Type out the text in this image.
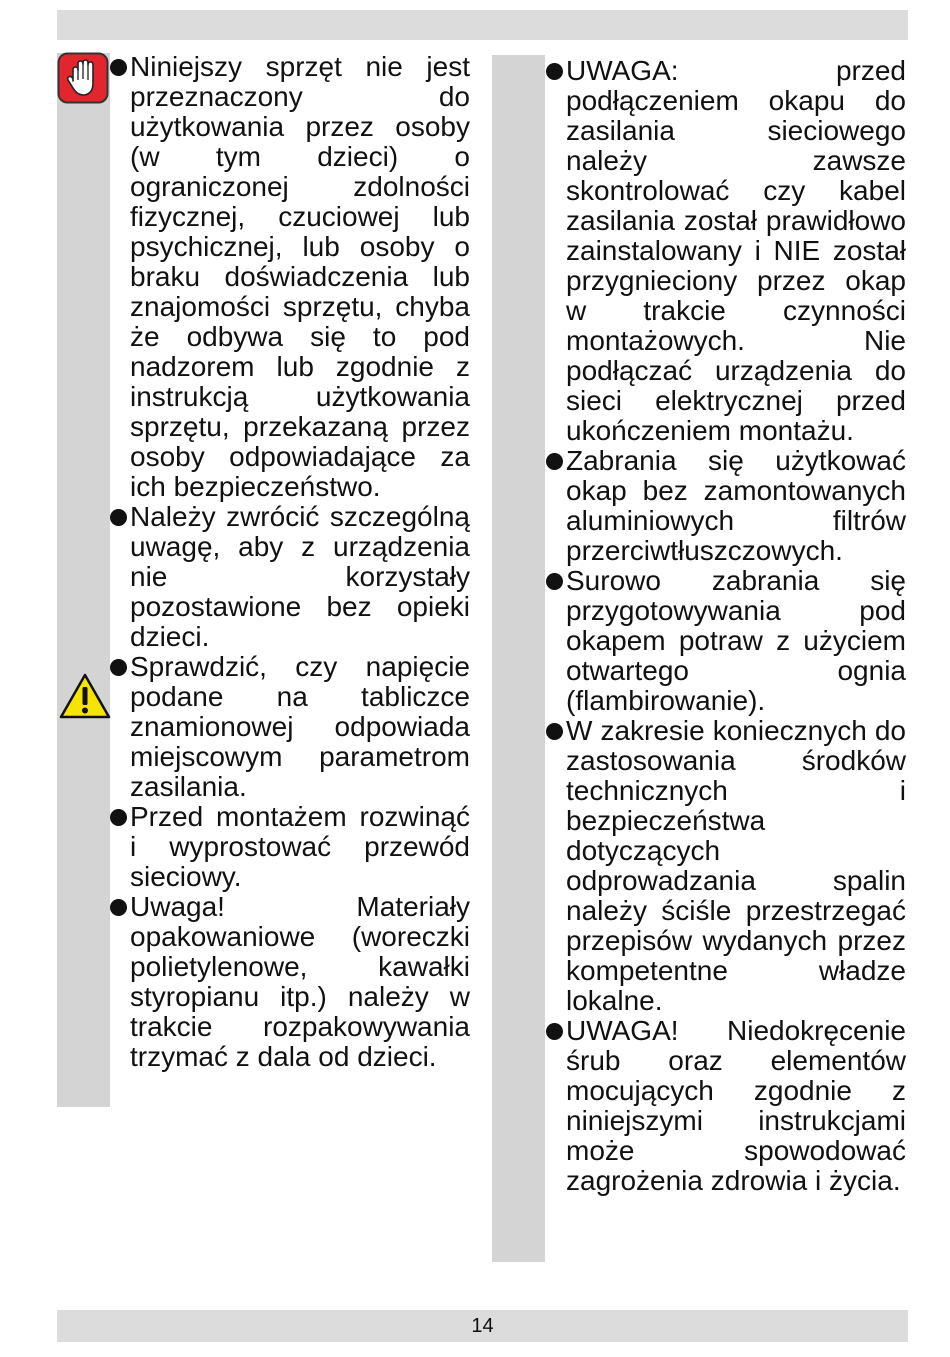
Niniejszy sprzęt nie jest przeznaczony do użytkowania przez osoby (w tym dzieci) o ograniczonej zdolności fizycznej, czuciowej lub psychicznej, lub osoby o braku doświadczenia lub znajomości sprzętu, chyba że odbywa się to pod nadzorem lub zgodnie z instrukcją użytkowania sprzętu, przekazaną przez osoby odpowiadające za ich bezpieczeństwo.
Należy zwrócić szczególną uwagę, aby z urządzenia nie korzystały pozostawione bez opieki dzieci.
Sprawdzić, czy napięcie podane na tabliczce znamionowej odpowiada miejscowym parametrom zasilania.
Przed montażem rozwinąć i wyprostować przewód sieciowy.
Uwaga! Materiały opakowaniowe (woreczki polietylenowe, kawałki styropianu itp.) należy w trakcie rozpakowywania trzymać z dala od dzieci.
UWAGA: przed podłączeniem okapu do zasilania sieciowego należy zawsze skontrolować czy kabel zasilania został prawidłowo zainstalowany i NIE został przygnieciony przez okap w trakcie czynności montażowych. Nie podłączać urządzenia do sieci elektrycznej przed ukończeniem montażu.
Zabrania się użytkować okap bez zamontowanych aluminiowych filtrów przerciwtłuszczowych.
Surowo zabrania się przygotowywania pod okapem potraw z użyciem otwartego ognia (flambirowanie).
W zakresie koniecznych do zastosowania środków technicznych i bezpieczeństwa dotyczących odprowadzania spalin należy ściśle przestrzegać przepisów wydanych przez kompetentne władze lokalne.
UWAGA! Niedokręcenie śrub oraz elementów mocujących zgodnie z niniejszymi instrukcjami może spowodować zagrożenia zdrowia i życia.
14
